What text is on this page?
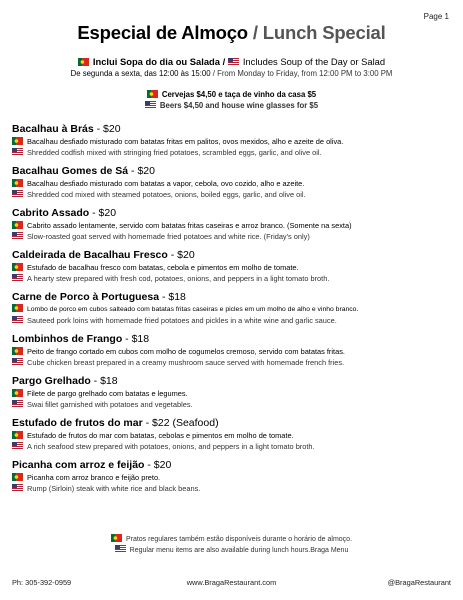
Page 1
Especial de Almoço / Lunch Special
Inclui Sopa do dia ou Salada / Includes Soup of the Day or Salad
De segunda a sexta, das 12:00 às 15:00 / From Monday to Friday, from 12:00 PM to 3:00 PM
Cervejas $4,50 e taça de vinho da casa $5
Beers $4,50 and house wine glasses for $5
Bacalhau à Brás - $20
Bacalhau desfiado misturado com batatas fritas em palitos, ovos mexidos, alho e azeite de oliva.
Shredded codfish mixed with stringing fried potatoes, scrambled eggs, garlic, and olive oil.
Bacalhau Gomes de Sá - $20
Bacalhau desfiado misturado com batatas a vapor, cebola, ovo cozido, alho e azeite.
Shredded cod mixed with steamed potatoes, onions, boiled eggs, garlic, and olive oil.
Cabrito Assado - $20
Cabrito assado lentamente, servido com batatas fritas caseiras e arroz branco. (Somente na sexta)
Slow-roasted goat served with homemade fried potatoes and white rice. (Friday's only)
Caldeirada de Bacalhau Fresco - $20
Estufado de bacalhau fresco com batatas, cebola e pimentos em molho de tomate.
A hearty stew prepared with fresh cod, potatoes, onions, and peppers in a light tomato broth.
Carne de Porco à Portuguesa - $18
Lombo de porco em cubos salteado com batatas fritas caseiras e picles em um molho de alho e vinho branco.
Sauteed pork loins with homemade fried potatoes and pickles in a white wine and garlic sauce.
Lombinhos de Frango - $18
Peito de frango cortado em cubos com molho de cogumelos cremoso, servido com batatas fritas.
Cube chicken breast prepared in a creamy mushroom sauce served with homemade french fries.
Pargo Grelhado - $18
Filete de pargo grelhado com batatas e legumes.
Swai fillet garnished with potatoes and vegetables.
Estufado de frutos do mar - $22 (Seafood)
Estufado de frutos do mar com batatas, cebolas e pimentos em molho de tomate.
A rich seafood stew prepared with potatoes, onions, and peppers in a light tomato broth.
Picanha com arroz e feijão - $20
Picanha com arroz branco e feijão preto.
Rump (Sirloin) steak with white rice and black beans.
Pratos regulares também estão disponíveis durante o horário de almoço.
Regular menu items are also available during lunch hours.Braga Menu
Ph: 305-392-0959	www.BragaRestaurant.com	@BragaRestaurant
